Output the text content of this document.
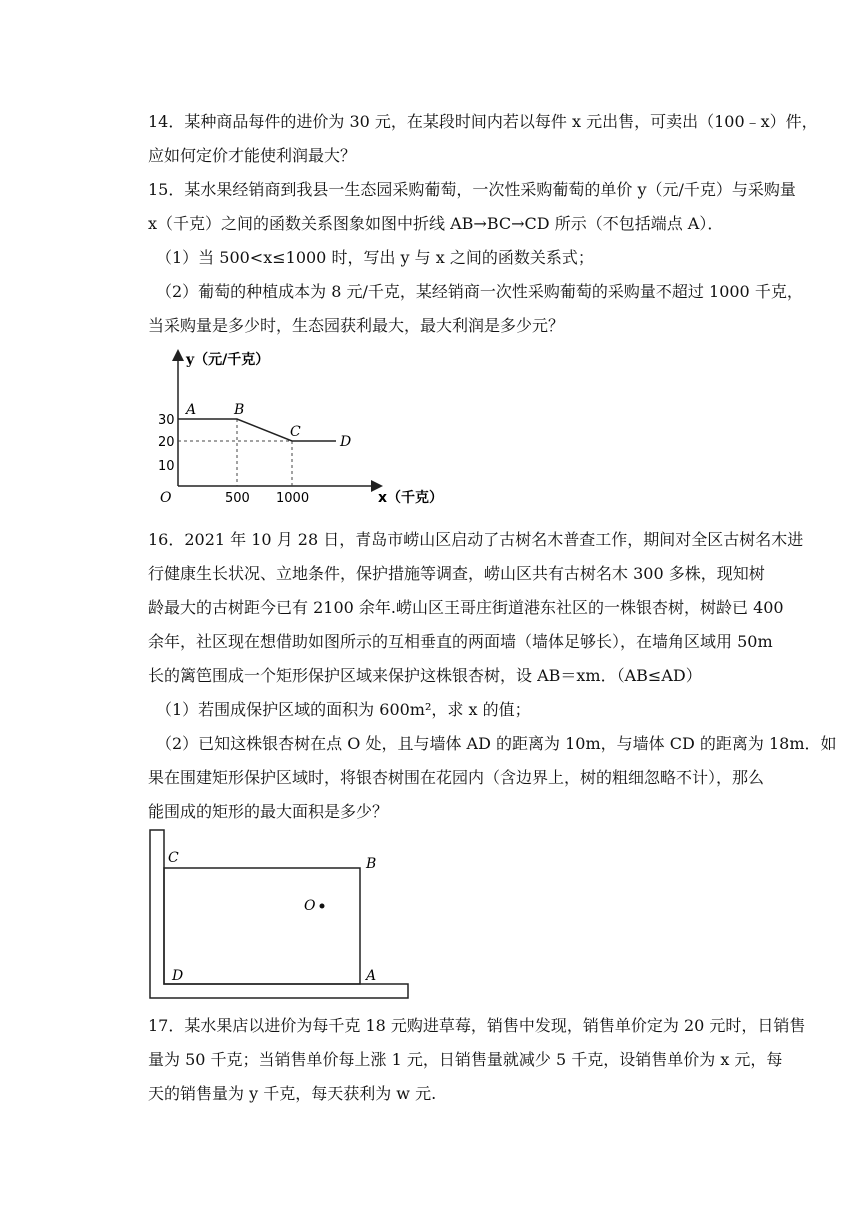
14．某种商品每件的进价为 30 元，在某段时间内若以每件 x 元出售，可卖出（100﹣x）件，
应如何定价才能使利润最大？
15．某水果经销商到我县一生态园采购葡萄，一次性采购葡萄的单价 y（元/千克）与采购量
x（千克）之间的函数关系图象如图中折线 AB→BC→CD 所示（不包括端点 A）．
（1）当 500<x≤1000 时，写出 y 与 x 之间的函数关系式；
（2）葡萄的种植成本为 8 元/千克，某经销商一次性采购葡萄的采购量不超过 1000 千克，
当采购量是多少时，生态园获利最大，最大利润是多少元？
y（元/千克）
x（千克）
O
30
20
10
500 1000
A	B
C
D
16．2021 年 10 月 28 日，青岛市崂山区启动了古树名木普查工作，期间对全区古树名木进
行健康生长状况、立地条件，保护措施等调查，崂山区共有古树名木 300 多株，现知树
龄最大的古树距今已有 2100 余年.崂山区王哥庄街道港东社区的一株银杏树，树龄已 400
余年，社区现在想借助如图所示的互相垂直的两面墙（墙体足够长），在墙角区域用 50m
长的篱笆围成一个矩形保护区域来保护这株银杏树，设 AB＝xm．（AB≤AD）
（1）若围成保护区域的面积为 600m²，求 x 的值；
（2）已知这株银杏树在点 O 处，且与墙体 AD 的距离为 10m，与墙体 CD 的距离为 18m．如
果在围建矩形保护区域时，将银杏树围在花园内（含边界上，树的粗细忽略不计），那么
能围成的矩形的最大面积是多少？
C	B
O
D	A
17．某水果店以进价为每千克 18 元购进草莓，销售中发现，销售单价定为 20 元时，日销售
量为 50 千克；当销售单价每上涨 1 元，日销售量就减少 5 千克，设销售单价为 x 元，每
天的销售量为 y 千克，每天获利为 w 元.
